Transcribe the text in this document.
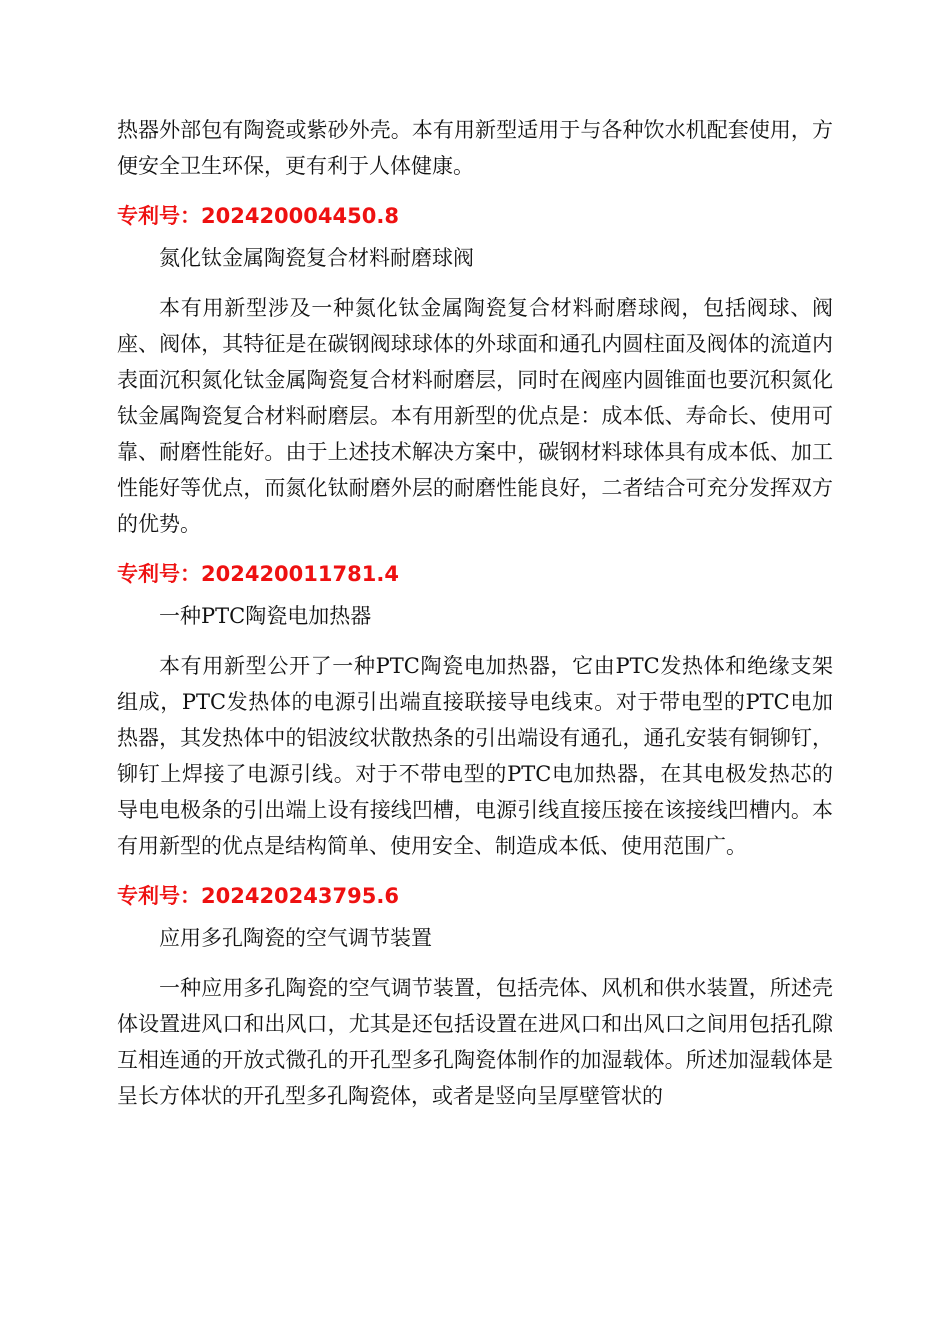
热器外部包有陶瓷或紫砂外壳。本有用新型适用于与各种饮水机配套使用，方便安全卫生环保，更有利于人体健康。

专利号：202420004450.8
氮化钛金属陶瓷复合材料耐磨球阀

本有用新型涉及一种氮化钛金属陶瓷复合材料耐磨球阀，包括阀球、阀座、阀体，其特征是在碳钢阀球球体的外球面和通孔内圆柱面及阀体的流道内表面沉积氮化钛金属陶瓷复合材料耐磨层，同时在阀座内圆锥面也要沉积氮化钛金属陶瓷复合材料耐磨层。本有用新型的优点是：成本低、寿命长、使用可靠、耐磨性能好。由于上述技术解决方案中，碳钢材料球体具有成本低、加工性能好等优点，而氮化钛耐磨外层的耐磨性能良好，二者结合可充分发挥双方的优势。

专利号：202420011781.4
一种PTC陶瓷电加热器

本有用新型公开了一种PTC陶瓷电加热器，它由PTC发热体和绝缘支架组成，PTC发热体的电源引出端直接联接导电线束。对于带电型的PTC电加热器，其发热体中的铝波纹状散热条的引出端设有通孔，通孔安装有铜铆钉，铆钉上焊接了电源引线。对于不带电型的PTC电加热器，在其电极发热芯的导电电极条的引出端上设有接线凹槽，电源引线直接压接在该接线凹槽内。本有用新型的优点是结构简单、使用安全、制造成本低、使用范围广。

专利号：202420243795.6
应用多孔陶瓷的空气调节装置

一种应用多孔陶瓷的空气调节装置，包括壳体、风机和供水装置，所述壳体设置进风口和出风口，尤其是还包括设置在进风口和出风口之间用包括孔隙互相连通的开放式微孔的开孔型多孔陶瓷体制作的加湿载体。所述加湿载体是呈长方体状的开孔型多孔陶瓷体，或者是竖向呈厚壁管状的
